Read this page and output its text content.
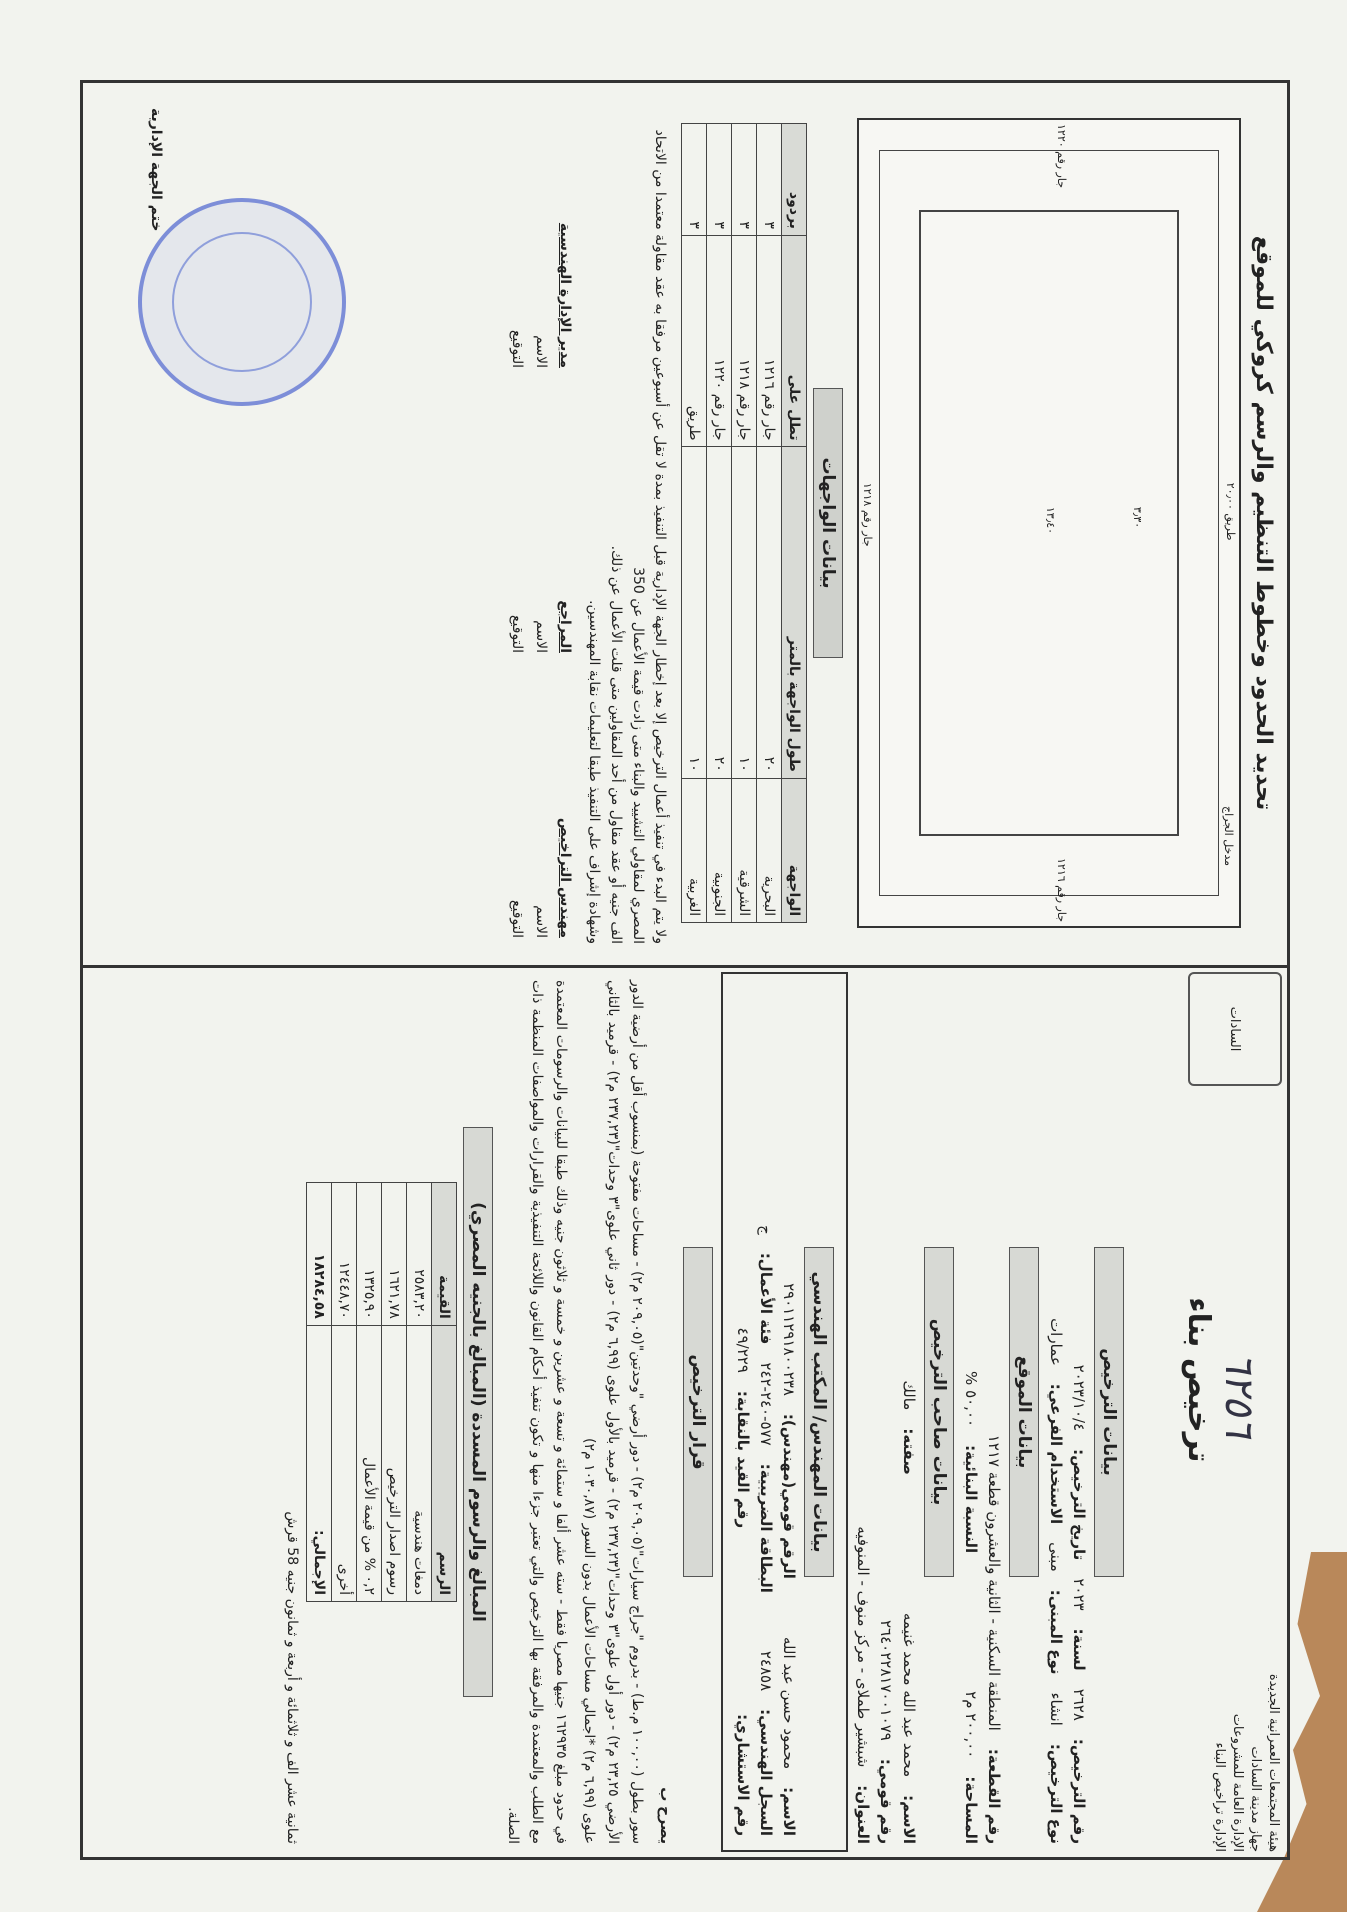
هيئة المجتمعات العمرانية الجديدة
جهاز مدينة السادات
الإدارة العامة للمشروعات
الإدارة تراخيص البناء
٦٢٥٦
ترخيص بناء
السادات
بيانات الترخيص
رقم الترخيص:
٢٦٢٨
لسنة:
٢٠٢٣
تاريخ الترخيص:
٢٠٢٣/١٠/٤
نوع الترخيص:
انشاء
نوع المبنى:
مبنى
الاستخدام الفرعي:
عمارات
بيانات الموقع
رقم القطعة:
المنطقة السكنية - الثانية والعشرون قطعة ١٢١٧
المساحة:
٢٠٠,٠٠ م٢
النسبة البنائية:
٥٠,٠٠ %
بيانات صاحب الترخيص
الاسم:
محمد عبد الله محمد غنيمه
صفته:
مالك
رقم قومي:
٢٦٤٠٢٢٨١٧٠٠١٠٧٩
العنوان:
شبشير طملاى - مركز منوف - المنوفيه
بيانات المهندس/ المكتب الهندسي
الاسم:
محمود حسن عبد الله
الرقم قومي(مهندس):
٢٩٠١١٢٩١٨٠٠٢٣٨
السجل الهندسي:
٢٤٨٥٨
البطاقة الضريبية:
٥٧٧-٢٤٠-٢٤٢
فئة الأعمال:
ج
رقم الاستشاري:
رقم القيد بالنقابة:
٤٩/٢٢٩
قرار الترخيص
يصرح ب
سور بطول (١٠٠,٠٠ م.ط) - بدروم "جراج سيارات"(٢٠٩,٠٥ م٢) - دور أرضي "وحدتين"(٢٠٩,٠٥ م٢) - مساحات مفتوحة (بمنسوب أقل من أرضية الدور الأرضي ٢٣,٢٥ م٢) - دور أول علوى"٣ وحدات"(٢٣٧,٢٣ م٢) - قرميد بالأول علوى (٦,٩٩ م٢) - دور ثاني علوى"٣ وحدات"(٢٣٧,٢٣ م٢) - قرميد بالثاني علوى (٦,٩٩ م٢) *اجمالي مساحات الأعمال بدون السور (١٠٣٠,٨٧ م٢)
في حدود مبلغ ١٦٢٩٣٥ جنيها مصريا فقط - سته عشر ألفا و ستمائة و تسعة و عشرين و خمسة و ثلاثون جنيه وذلك طبقا للبيانات والرسومات المعتمدة مع الطلب والمعتمدة والمرفقة بها الترخيص والتي تعتبر جزءا منها و تكون تنفيذ أحكام القانون واللائحة التنفيذية والقرارات والمواصفات المنظمة ذات الصلة.
المبالغ والرسوم المسددة (المبالغ بالجنيه المصري)
الرسم	القيمة
دمغات هندسية	٢٥٨٣,٢٠
رسوم اصدار الترخيص	١٦٢١,٧٨
٠,٢ % من قيمة الأعمال	١٣٢٥,٩٠
أخرى	١٢٤٤٨,٧٠
الإجمالي:	١٨٢٨٤,٥٨
ثمانية عشر الف و ثلاثمائة و أربعة و ثمانون جنيه 58 قرش
تحديد الحدود وخطوط التنظيم والرسم كروكي للموقع
طريق ٢٠٫٠٠
مدخل الجراج
جار رقم ١٢١٦
جار رقم ١٢٢٠
جار رقم ١٢١٨	١٣٫٤٠	٣٫٣٠
بيانات الواجهات
الواجهة	طول الواجهة بالمتر	تطل على	بردود
البحرية	٢٠	جار رقم ١٢١٦	٣
الشرقية	١٠	جار رقم ١٢١٨	٣
الجنوبية	٢٠	جار رقم ١٢٢٠	٣
الغربية	١٠	طريق	٣
ولا يتم البدء في تنفيذ أعمال الترخيص إلا بعد إخطار الجهة الإدارية قبل التنفيذ بمدة لا تقل عن أسبوعين مرفقا به عقد مقاولة معتمدا من الاتحاد المصري لمقاولي التشييد والبناء متى زادت قيمة الأعمال عن 350
الف جنيه أو عقد مقاول من أحد المقاولين متى قلت الأعمال عن ذلك.
وشهادة إشراف على التنفيذ طبقا لتعليمات نقابة المهندسين.
مهندس التراخيص
الاسم
التوقيع
المراجع
الاسم
التوقيع
مدير الإدارة الهندسية
الاسم
التوقيع
ختم الجهة الإدارية
